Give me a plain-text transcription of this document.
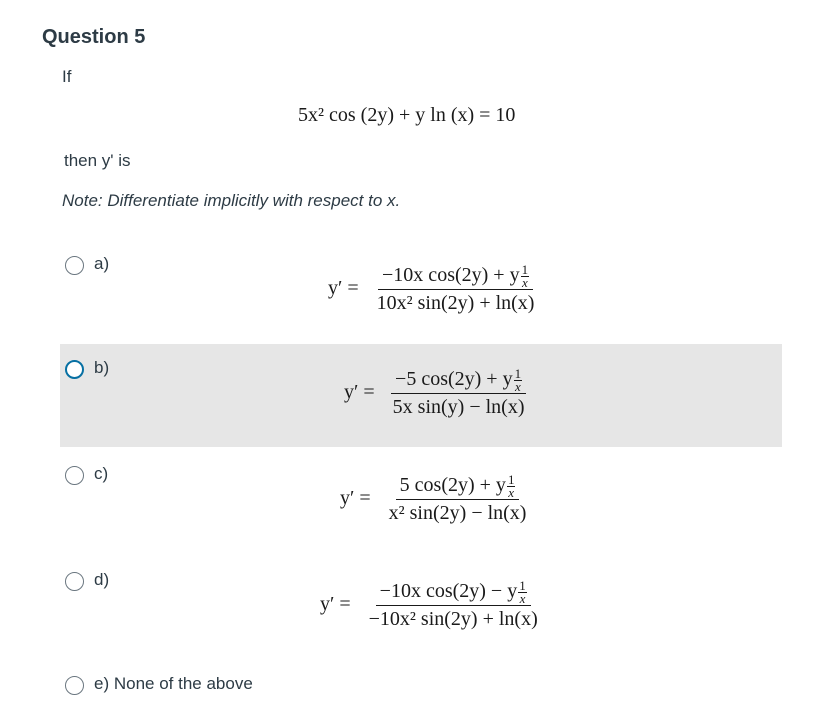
Question 5
If
5x² cos (2y) + y ln (x) = 10
then y' is
Note: Differentiate implicitly with respect to x.
a)
$y' = \frac{-10x \cos(2y) + y \frac{1}{x}}{\text{10x² sin(2y) + ln(x)}}$
b)
$y' = \frac{-5 \cos(2y) + y \frac{1}{x}}{\text{5x sin(y) − ln(x)}}$
c)
$y' = \frac{5 \cos(2y) + y \frac{1}{x}}{\text{x² sin(2y) − ln(x)}}$
d)
$y' = \frac{-10x \cos(2y) - y \frac{1}{x}}{\text{−10x² sin(2y) + ln(x)}}$
e) None of the above
